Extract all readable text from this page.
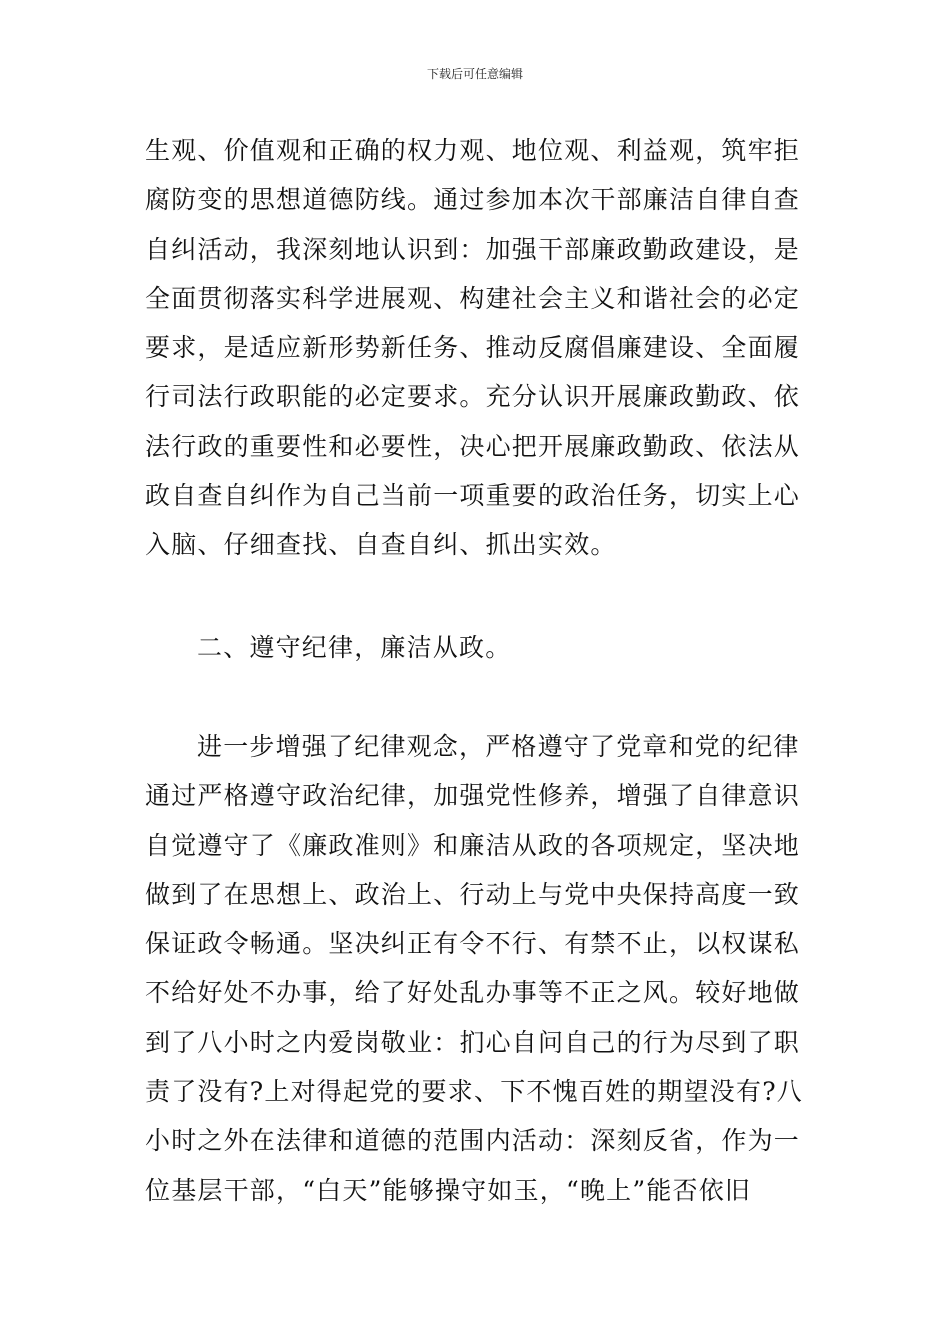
下载后可任意编辑
生观、价值观和正确的权力观、地位观、利益观，筑牢拒
腐防变的思想道德防线。通过参加本次干部廉洁自律自查
自纠活动，我深刻地认识到：加强干部廉政勤政建设，是
全面贯彻落实科学进展观、构建社会主义和谐社会的必定
要求，是适应新形势新任务、推动反腐倡廉建设、全面履
行司法行政职能的必定要求。充分认识开展廉政勤政、依
法行政的重要性和必要性，决心把开展廉政勤政、依法从
政自查自纠作为自己当前一项重要的政治任务，切实上心
入脑、仔细查找、自查自纠、抓出实效。
二、遵守纪律，廉洁从政。
进一步增强了纪律观念，严格遵守了党章和党的纪律
通过严格遵守政治纪律，加强党性修养，增强了自律意识
自觉遵守了《廉政准则》和廉洁从政的各项规定，坚决地
做到了在思想上、政治上、行动上与党中央保持高度一致
保证政令畅通。坚决纠正有令不行、有禁不止，以权谋私
不给好处不办事，给了好处乱办事等不正之风。较好地做
到了八小时之内爱岗敬业：扪心自问自己的行为尽到了职
责了没有?上对得起党的要求、下不愧百姓的期望没有?八
小时之外在法律和道德的范围内活动：深刻反省，作为一
位基层干部，“白天”能够操守如玉，“晚上”能否依旧
